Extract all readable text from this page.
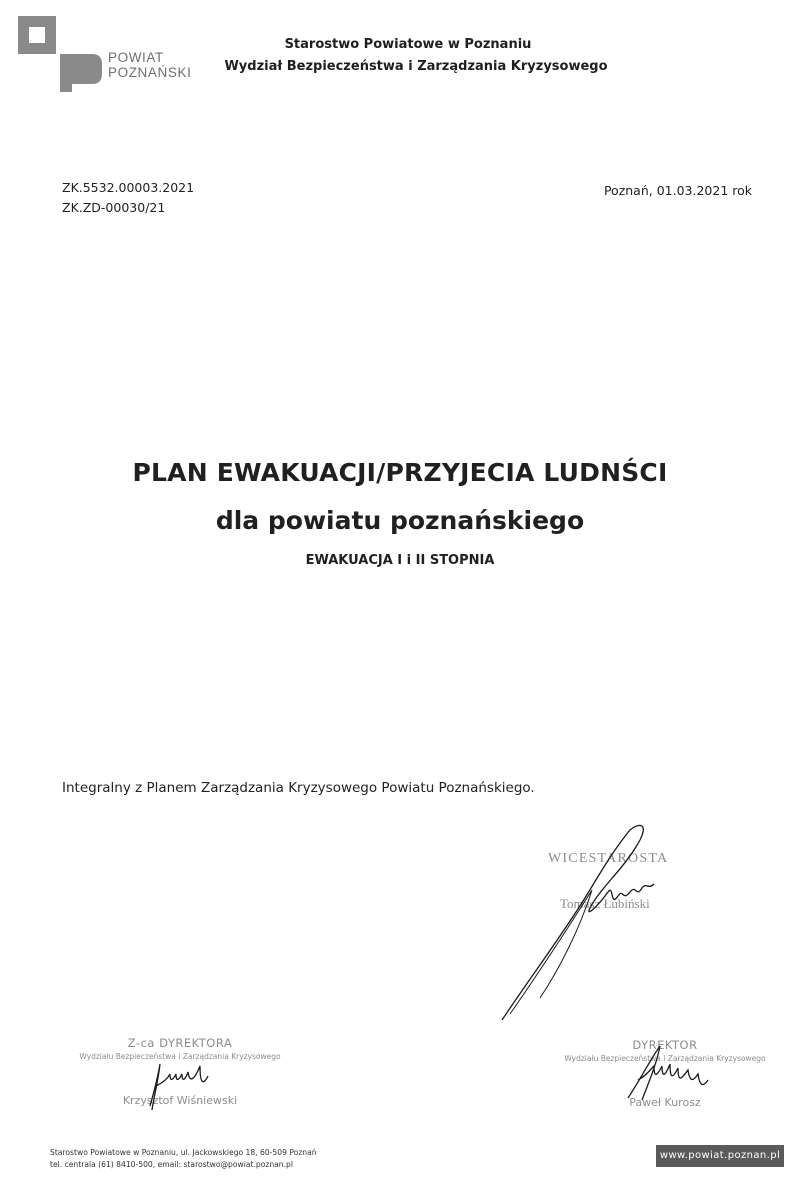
POWIAT
POZNAŃSKI
Starostwo Powiatowe w Poznaniu
Wydział Bezpieczeństwa i Zarządzania Kryzysowego
ZK.5532.00003.2021
ZK.ZD-00030/21
Poznań, 01.03.2021 rok
PLAN EWAKUACJI/PRZYJECIA LUDNŚCI
dla powiatu poznańskiego
EWAKUACJA I i II STOPNIA
Integralny z Planem Zarządzania Kryzysowego Powiatu Poznańskiego.
WICESTAROSTA
Tomasz Łubiński
Z-ca DYREKTORA
Wydziału Bezpieczeństwa i Zarządzania Kryzysowego
Krzysztof Wiśniewski
DYREKTOR
Wydziału Bezpieczeństwa i Zarządzania Kryzysowego
Paweł Kurosz
Starostwo Powiatowe w Poznaniu, ul. Jackowskiego 18, 60-509 Poznań
tel. centrala (61) 8410-500, email: starostwo@powiat.poznan.pl
www.powiat.poznan.pl
